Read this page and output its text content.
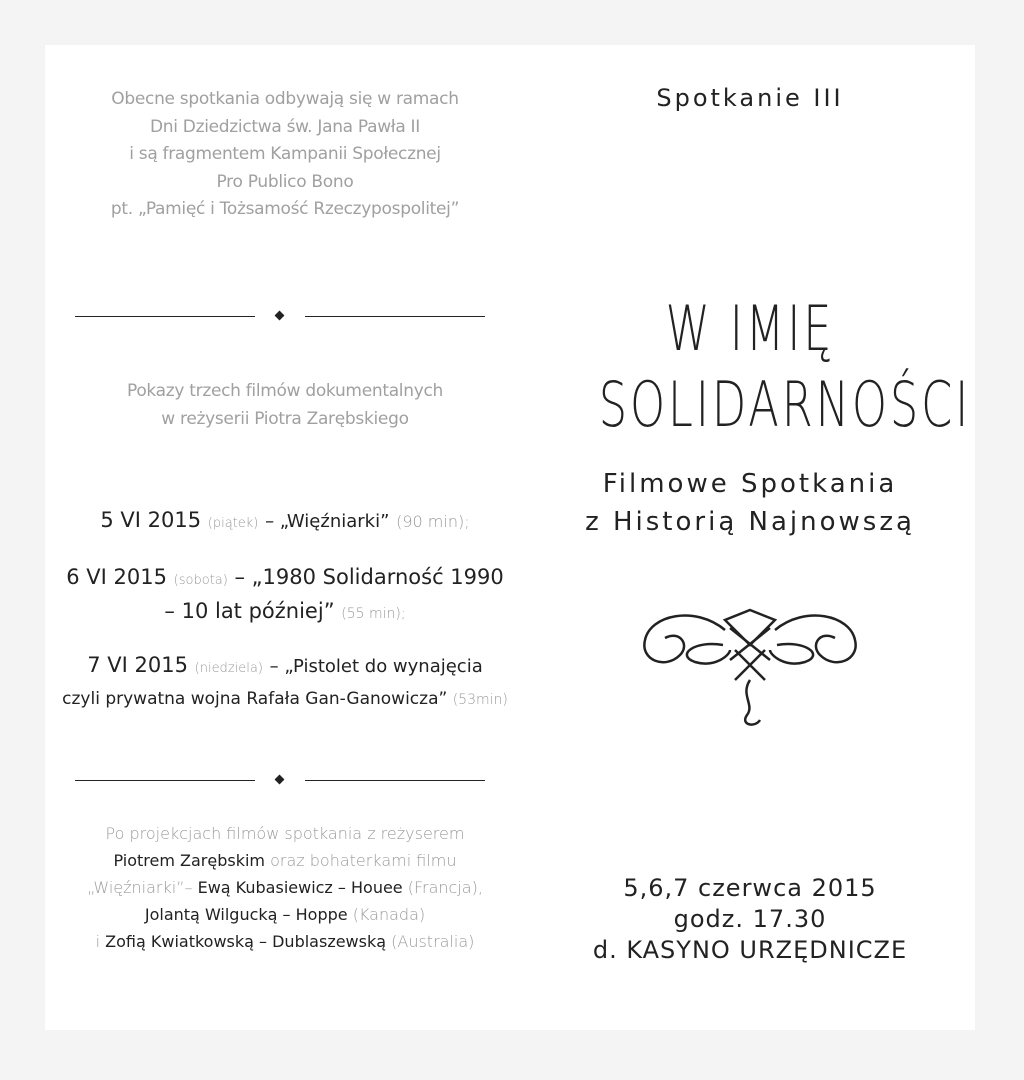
Obecne spotkania odbywają się w ramach
Dni Dziedzictwa św. Jana Pawła II
i są fragmentem Kampanii Społecznej
Pro Publico Bono
pt. „Pamięć i Tożsamość Rzeczypospolitej”
Pokazy trzech filmów dokumentalnych
w reżyserii Piotra Zarębskiego
5 VI 2015 (piątek) – „Więźniarki” (90 min);
6 VI 2015 (sobota) – „1980 Solidarność 1990
– 10 lat później” (55 min);
7 VI 2015 (niedziela) – „Pistolet do wynajęcia
czyli prywatna wojna Rafała Gan-Ganowicza” (53min)
Po projekcjach filmów spotkania z reżyserem
Piotrem Zarębskim oraz bohaterkami filmu
„Więźniarki”– Ewą Kubasiewicz – Houee (Francja),
Jolantą Wilgucką – Hoppe (Kanada)
i Zofią Kwiatkowską – Dublaszewską (Australia)
Spotkanie III
W IMIĘ
SOLIDARNOŚCI
Filmowe Spotkania
z Historią Najnowszą
5,6,7 czerwca 2015
godz. 17.30
d. KASYNO URZĘDNICZE
